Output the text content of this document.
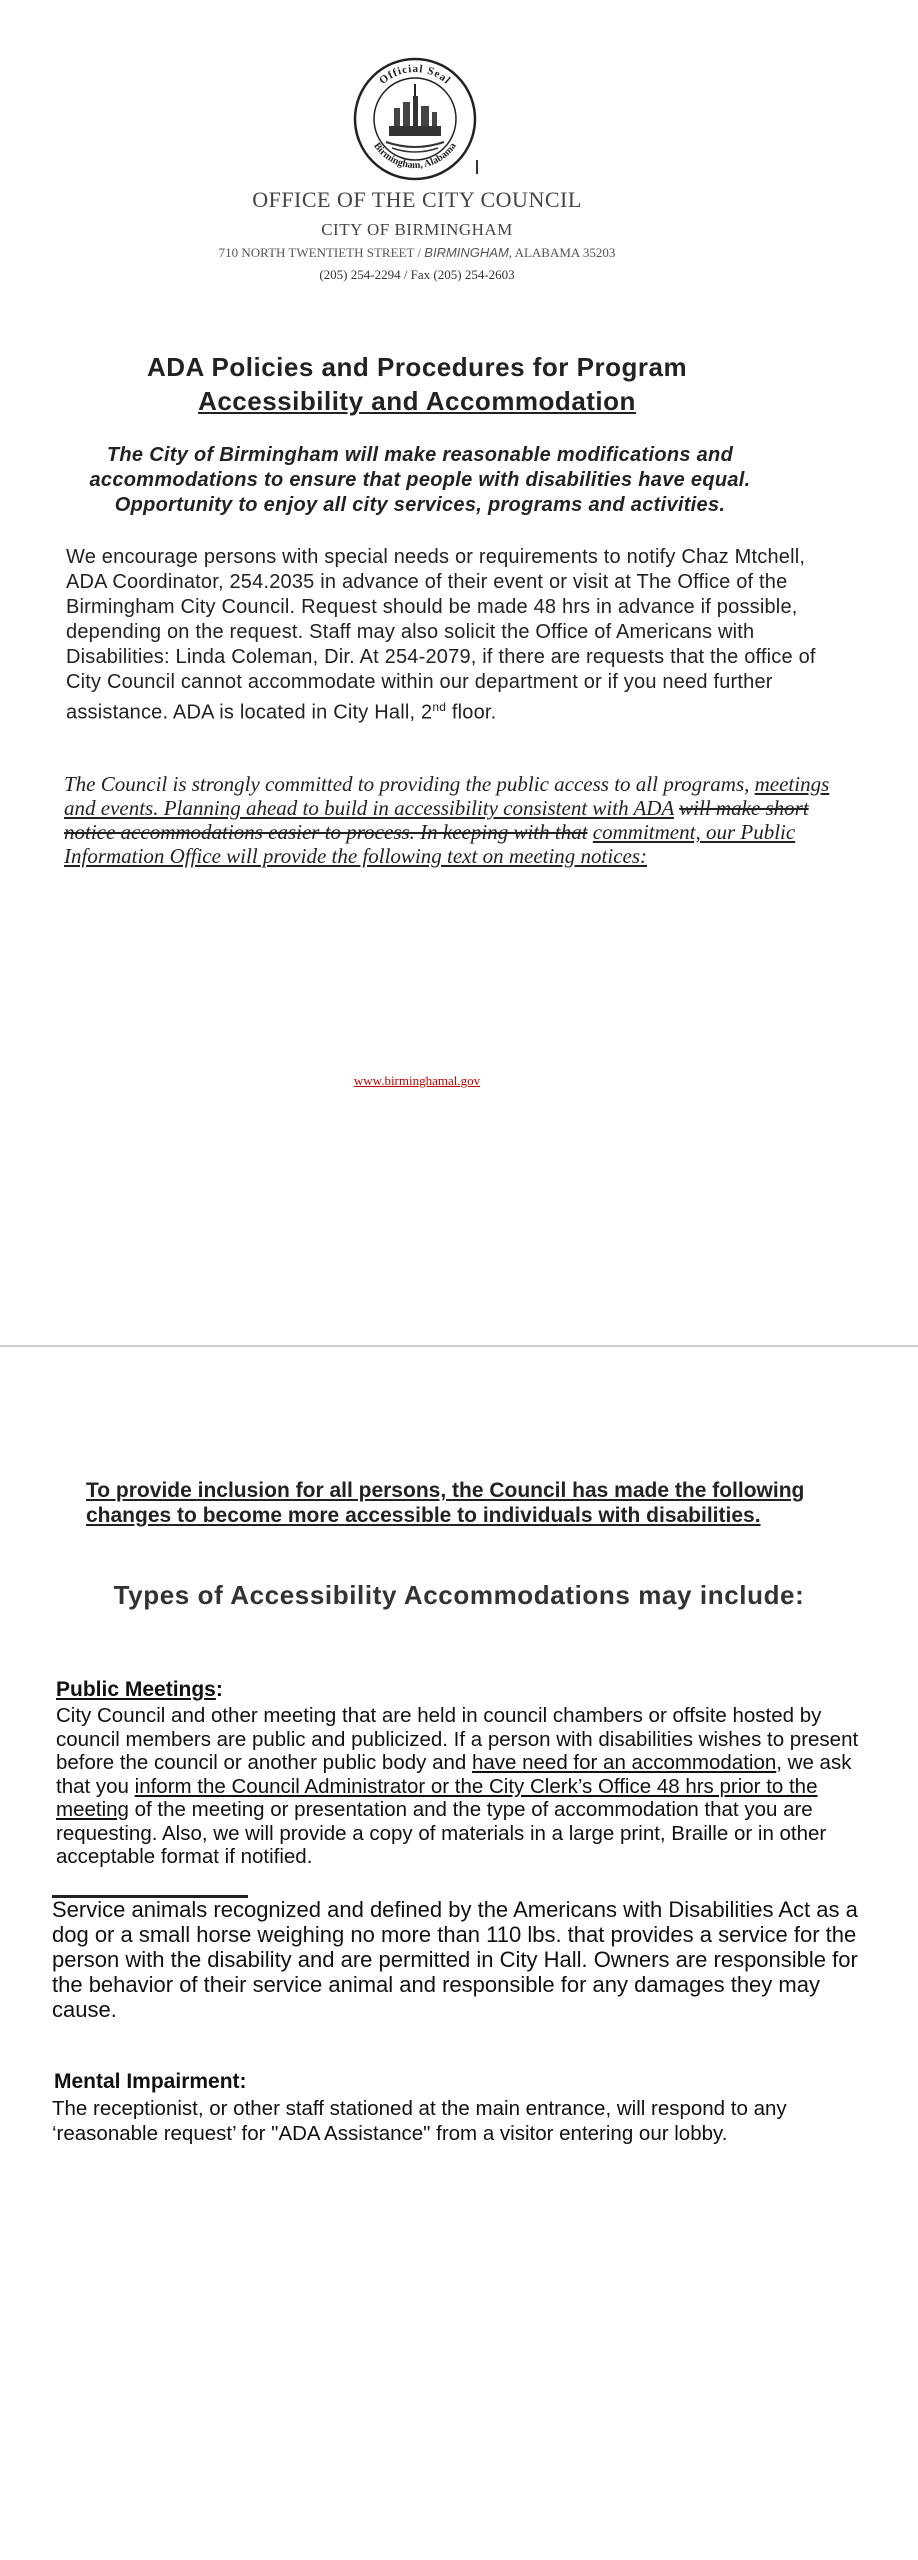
Official Seal
Birmingham, Alabama
OFFICE OF THE CITY COUNCIL
CITY OF BIRMINGHAM
710 NORTH TWENTIETH STREET / BIRMINGHAM, ALABAMA 35203
(205) 254-2294 / Fax (205) 254-2603
ADA Policies and Procedures for Program
Accessibility and Accommodation
The City of Birmingham will make reasonable modifications and accommodations to ensure that people with disabilities have equal. Opportunity to enjoy all city services, programs and activities.
We encourage persons with special needs or requirements to notify Chaz Mtchell, ADA Coordinator, 254.2035 in advance of their event or visit at The Office of the Birmingham City Council. Request should be made 48 hrs in advance if possible, depending on the request. Staff may also solicit the Office of Americans with Disabilities: Linda Coleman, Dir. At 254-2079, if there are requests that the office of City Council cannot accommodate within our department or if you need further assistance. ADA is located in City Hall, 2nd floor.
The Council is strongly committed to providing the public access to all programs, meetings and events. Planning ahead to build in accessibility consistent with ADA will make short notice accommodations easier to process. In keeping with that commitment, our Public Information Office will provide the following text on meeting notices:
www.birminghamal.gov
To provide inclusion for all persons, the Council has made the following changes to become more accessible to individuals with disabilities.
Types of Accessibility Accommodations may include:
Public Meetings:
City Council and other meeting that are held in council chambers or offsite hosted by council members are public and publicized. If a person with disabilities wishes to present before the council or another public body and have need for an accommodation, we ask that you inform the Council Administrator or the City Clerk’s Office 48 hrs prior to the meeting of the meeting or presentation and the type of accommodation that you are requesting. Also, we will provide a copy of materials in a large print, Braille or in other acceptable format if notified.
Service animals recognized and defined by the Americans with Disabilities Act as a dog or a small horse weighing no more than 110 lbs. that provides a service for the person with the disability and are permitted in City Hall. Owners are responsible for the behavior of their service animal and responsible for any damages they may cause.
Mental Impairment:
The receptionist, or other staff stationed at the main entrance, will respond to any ‘reasonable request’ for "ADA Assistance" from a visitor entering our lobby.
